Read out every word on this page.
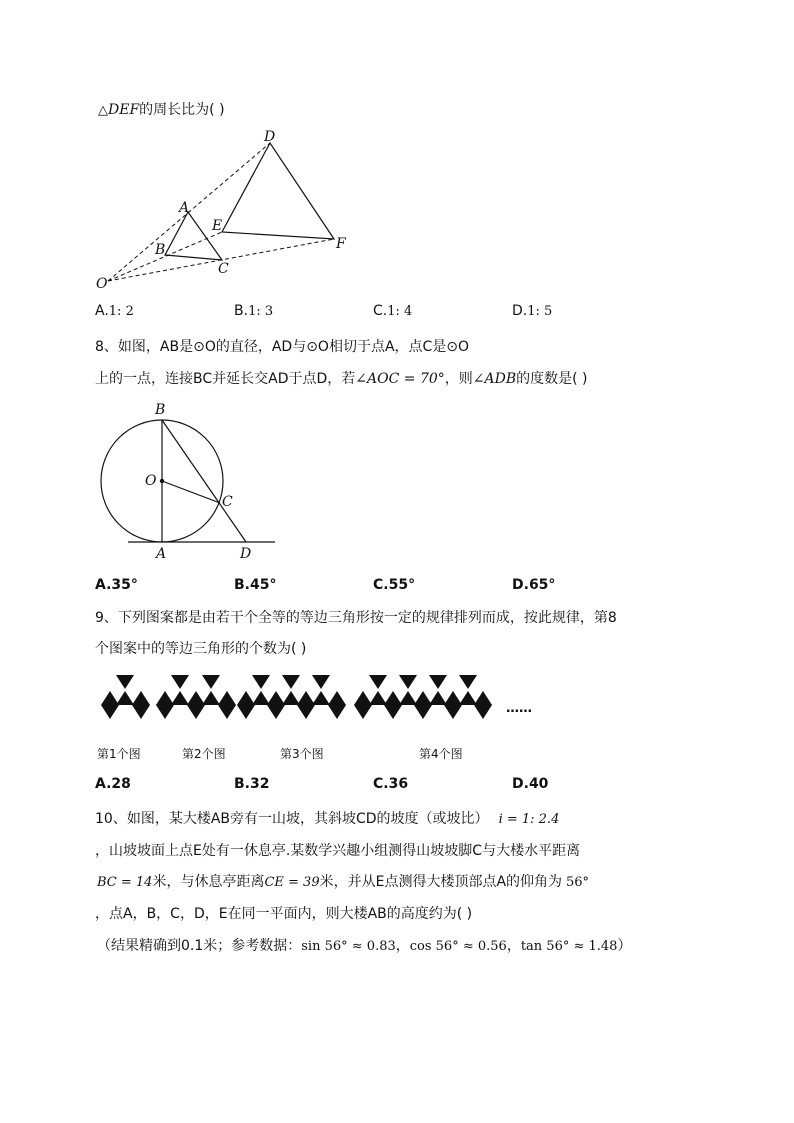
△DEF的周长比为( )
D
A
E
B
C
F
O
A.1: 2	B.1: 3	C.1: 4	D.1: 5
8、如图，AB是⊙O的直径，AD与⊙O相切于点A，点C是⊙O
上的一点，连接BC并延长交AD于点D，若∠AOC = 70°，则∠ADB的度数是( )
B
O
C
A	D
A.35°	B.45°	C.55°	D.65°
9、下列图案都是由若干个全等的等边三角形按一定的规律排列而成，按此规律，第8
个图案中的等边三角形的个数为( )
……
第1个图	第2个图	第3个图	第4个图
A.28	B.32	C.36	D.40
10、如图，某大楼AB旁有一山坡，其斜坡CD的坡度（或坡比） i = 1: 2.4
，山坡坡面上点E处有一休息亭.某数学兴趣小组测得山坡坡脚C与大楼水平距离
BC = 14米，与休息亭距离CE = 39米，并从E点测得大楼顶部点A的仰角为 56°
，点A，B，C，D，E在同一平面内，则大楼AB的高度约为( )
（结果精确到0.1米；参考数据：sin 56° ≈ 0.83，cos 56° ≈ 0.56，tan 56° ≈ 1.48）
